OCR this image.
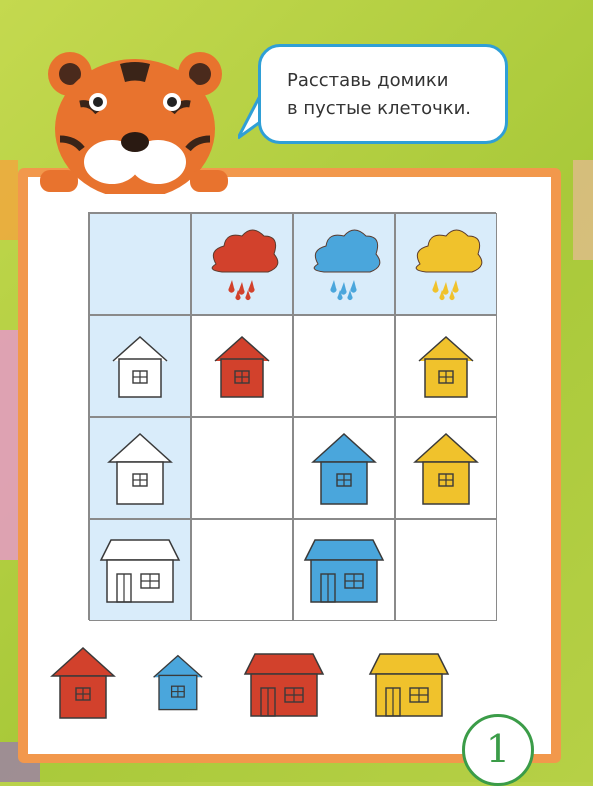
Расставь домики
в пустые клеточки.
1
